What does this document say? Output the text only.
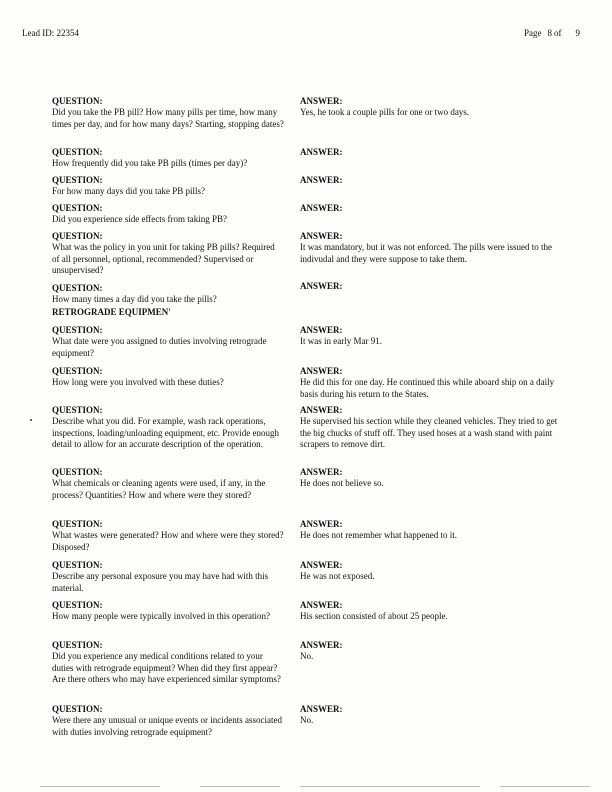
Lead ID: 22354	Page 8 of 9
QUESTION:
Did you take the PB pill? How many pills per time, how many times per day, and for how many days? Starting, stopping dates?
ANSWER:
Yes, he took a couple pills for one or two days.
QUESTION:
How frequently did you take PB pills (times per day)?
ANSWER:
QUESTION:
For how many days did you take PB pills?
ANSWER:
QUESTION:
Did you experience side effects from taking PB?
ANSWER:
QUESTION:
What was the policy in you unit for taking PB pills? Required of all personnel, optional, recommended? Supervised or unsupervised?
ANSWER:
It was mandatory, but it was not enforced. The pills were issued to the indivudal and they were suppose to take them.
QUESTION:
How many times a day did you take the pills?
ANSWER:
RETROGRADE EQUIPMEN'
QUESTION:
What date were you assigned to duties involving retrograde equipment?
ANSWER:
It was in early Mar 91.
QUESTION:
How long were you involved with these duties?
ANSWER:
He did this for one day. He continued this while aboard ship on a daily basis during his return to the States.
QUESTION:
Describe what you did. For example, wash rack operations, inspections, loading/unloading equipment, etc. Provide enough detail to allow for an accurate description of the operation.
ANSWER:
He supervised his section while they cleaned vehicles. They tried to get the big chucks of stuff off. They used hoses at a wash stand with paint scrapers to remove dirt.
QUESTION:
What chemicals or cleaning agents were used, if any, in the process? Quantities? How and where were they stored?
ANSWER:
He does not believe so.
QUESTION:
What wastes were generated? How and where were they stored? Disposed?
ANSWER:
He does not remember what happened to it.
QUESTION:
Describe any personal exposure you may have had with this material.
ANSWER:
He was not exposed.
QUESTION:
How many people were typically involved in this operation?
ANSWER:
His section consisted of about 25 people.
QUESTION:
Did you experience any medical conditions related to your duties with retrograde equipment? When did they first appear? Are there others who may have experienced similar symptoms?
ANSWER:
No.
QUESTION:
Were there any unusual or unique events or incidents associated with duties involving retrograde equipment?
ANSWER:
No.
